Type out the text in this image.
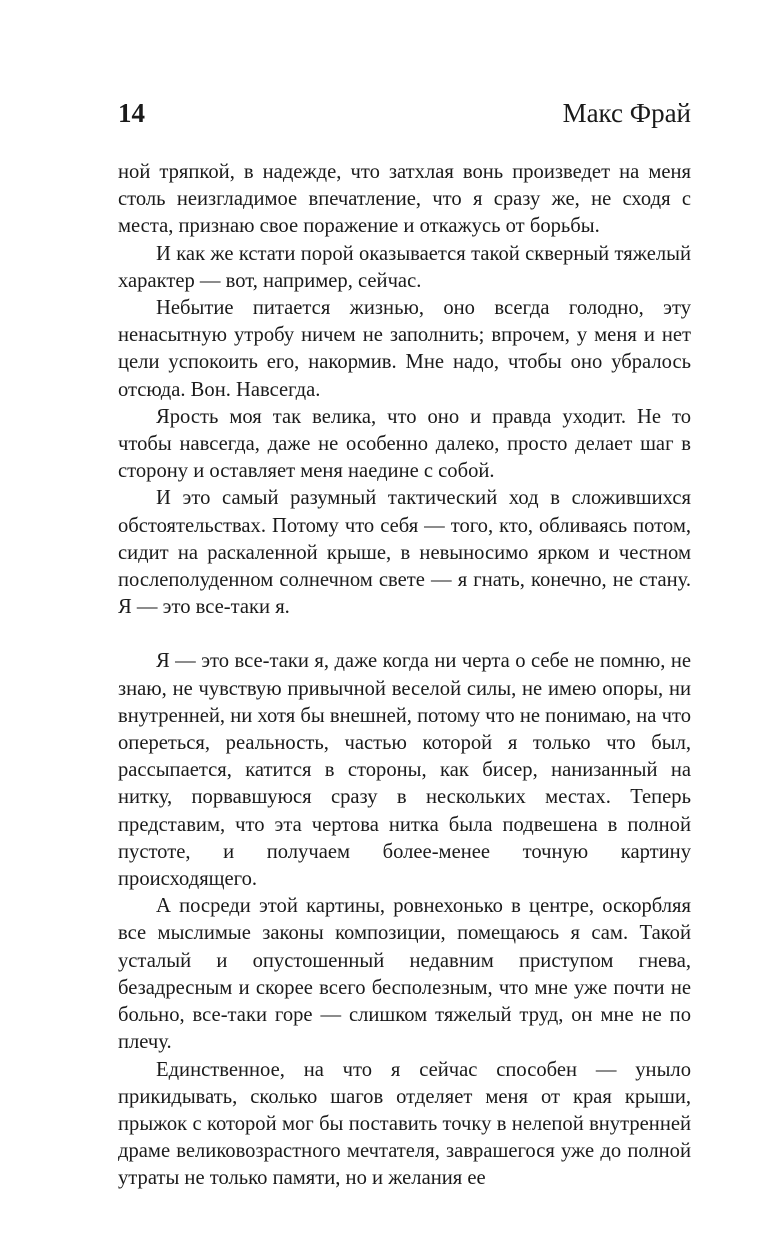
14	Макс Фрай

ной тряпкой, в надежде, что затхлая вонь произведет на меня столь неизгладимое впечатление, что я сразу же, не сходя с места, признаю свое поражение и откажусь от борьбы.

И как же кстати порой оказывается такой скверный тяжелый характер — вот, например, сейчас.

Небытие питается жизнью, оно всегда голодно, эту ненасытную утробу ничем не заполнить; впрочем, у меня и нет цели успокоить его, накормив. Мне надо, чтобы оно убралось отсюда. Вон. Навсегда.

Ярость моя так велика, что оно и правда уходит. Не то чтобы навсегда, даже не особенно далеко, просто делает шаг в сторону и оставляет меня наедине с собой.

И это самый разумный тактический ход в сложившихся обстоятельствах. Потому что себя — того, кто, обливаясь потом, сидит на раскаленной крыше, в невыносимо ярком и честном послеполуденном солнечном свете — я гнать, конечно, не стану. Я — это все-таки я.

Я — это все-таки я, даже когда ни черта о себе не помню, не знаю, не чувствую привычной веселой силы, не имею опоры, ни внутренней, ни хотя бы внешней, потому что не понимаю, на что опереться, реальность, частью которой я только что был, рассыпается, катится в стороны, как бисер, нанизанный на нитку, порвавшуюся сразу в нескольких местах. Теперь представим, что эта чертова нитка была подвешена в полной пустоте, и получаем более-менее точную картину происходящего.

А посреди этой картины, ровнехонько в центре, оскорбляя все мыслимые законы композиции, помещаюсь я сам. Такой усталый и опустошенный недавним приступом гнева, безадресным и скорее всего бесполезным, что мне уже почти не больно, все-таки горе — слишком тяжелый труд, он мне не по плечу.

Единственное, на что я сейчас способен — уныло прикидывать, сколько шагов отделяет меня от края крыши, прыжок с которой мог бы поставить точку в нелепой внутренней драме великовозрастного мечтателя, заврашегося уже до полной утраты не только памяти, но и желания ее
